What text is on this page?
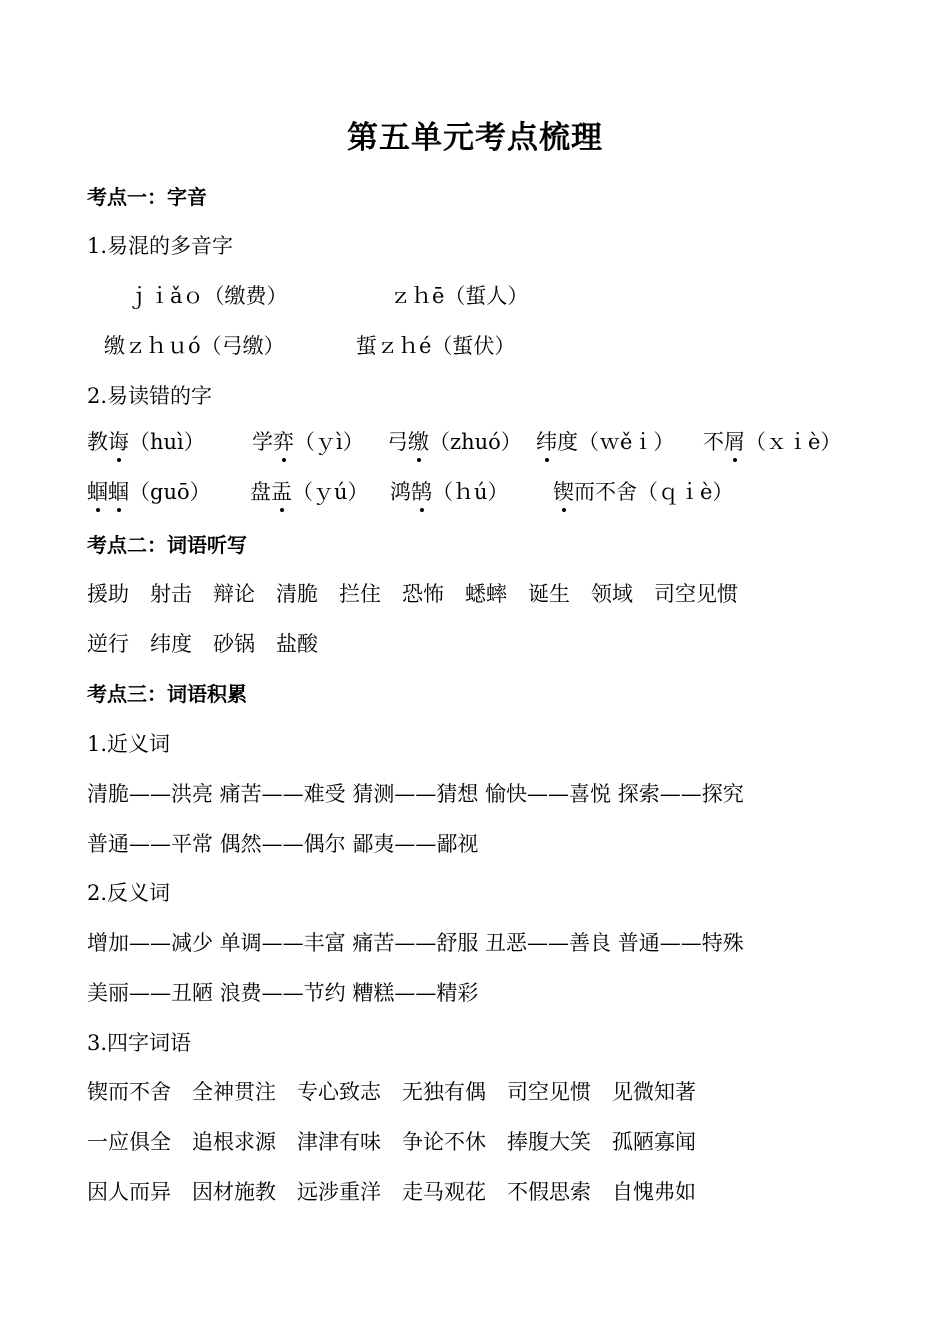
第五单元考点梳理
考点一：字音
1.易混的多音字
ｊｉǎｏ（缴费）	ｚｈē（蜇人）
缴ｚｈｕó（弓缴）	蜇ｚｈé（蜇伏）
2.易读错的字
教诲（huì） 学弈（ｙì） 弓缴（zhuó） 纬度（ｗěｉ） 不屑（ｘｉè）
蝈蝈（guō） 盘盂（ｙú） 鸿鹄（ｈú） 锲而不舍（ｑｉè）
考点二：词语听写
援助　射击　辩论　清脆　拦住　恐怖　蟋蟀　诞生　领域　司空见惯
逆行　纬度　砂锅　盐酸
考点三：词语积累
1.近义词
清脆——洪亮 痛苦——难受 猜测——猜想 愉快——喜悦 探索——探究
普通——平常 偶然——偶尔 鄙夷——鄙视
2.反义词
增加——减少 单调——丰富 痛苦——舒服 丑恶——善良 普通——特殊
美丽——丑陋 浪费——节约 糟糕——精彩
3.四字词语
锲而不舍　全神贯注　专心致志　无独有偶　司空见惯　见微知著
一应俱全　追根求源　津津有味　争论不休　捧腹大笑　孤陋寡闻
因人而异　因材施教　远涉重洋　走马观花　不假思索　自愧弗如
